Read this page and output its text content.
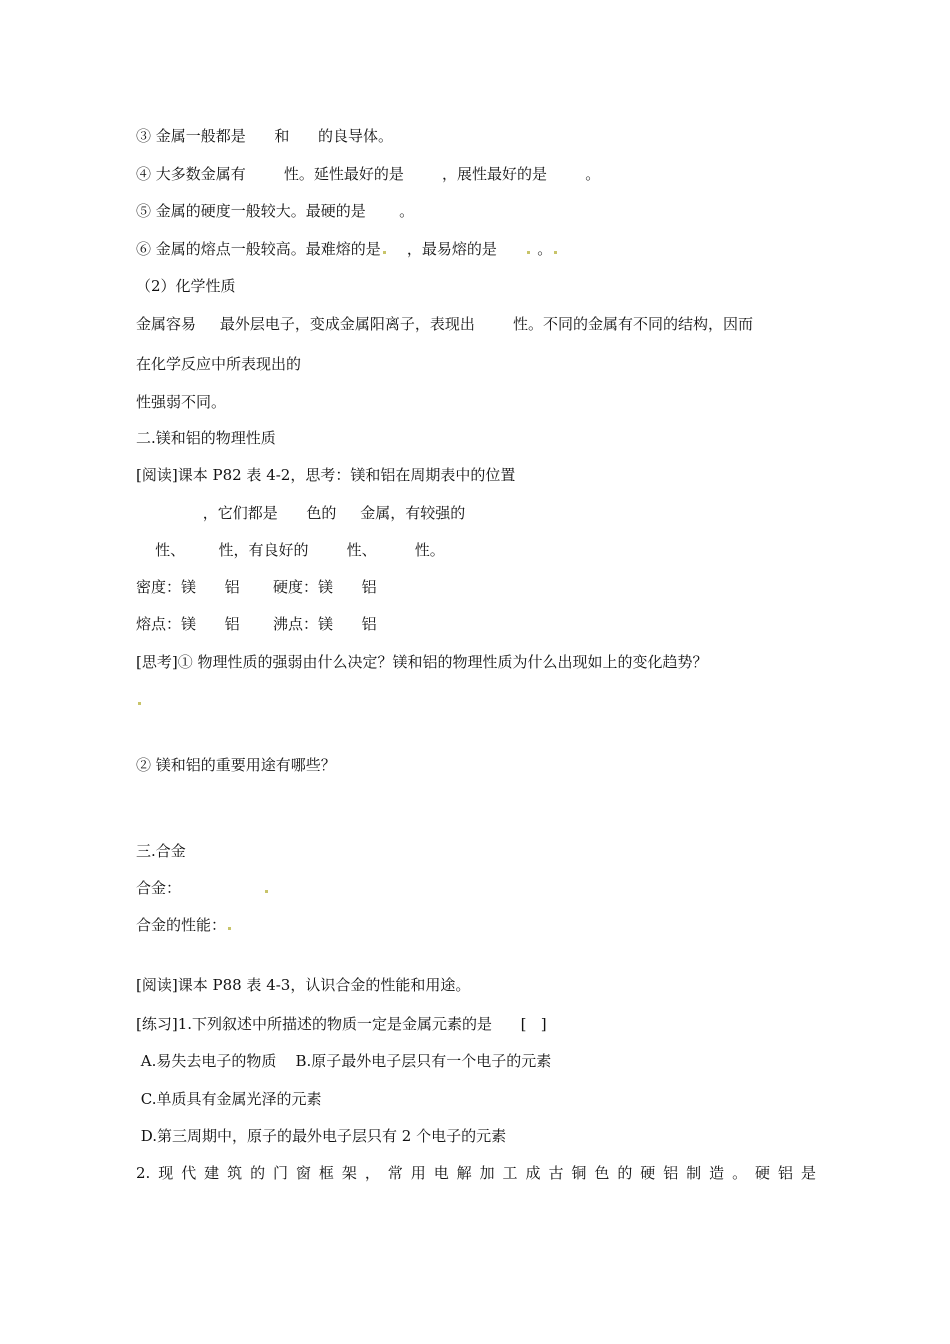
③ 金属一般都是      和      的良导体。

④ 大多数金属有        性。延性最好的是        ，展性最好的是        。

⑤ 金属的硬度一般较大。最硬的是       。

⑥ 金属的熔点一般较高。最难熔的是    ，最易熔的是       。

（2）化学性质

金属容易     最外层电子，变成金属阳离子，表现出        性。不同的金属有不同的结构，因而

在化学反应中所表现出的

性强弱不同。

二.镁和铝的物理性质

[阅读]课本 P82 表 4-2，思考：镁和铝在周期表中的位置

，它们都是      色的     金属，有较强的

性、       性，有良好的        性、        性。

密度：镁      铝       硬度：镁      铝

熔点：镁      铝       沸点：镁      铝

[思考]① 物理性质的强弱由什么决定？镁和铝的物理性质为什么出现如上的变化趋势？

② 镁和铝的重要用途有哪些？

三.合金

合金：

合金的性能：

[阅读]课本 P88 表 4-3，认识合金的性能和用途。

[练习]1.下列叙述中所描述的物质一定是金属元素的是      [   ]

A.易失去电子的物质    B.原子最外电子层只有一个电子的元素

C.单质具有金属光泽的元素

D.第三周期中，原子的最外电子层只有 2 个电子的元素

2. 现 代 建 筑 的 门 窗 框 架 ， 常 用 电 解 加 工 成 古 铜 色 的 硬 铝 制 造 。 硬 铝 是
